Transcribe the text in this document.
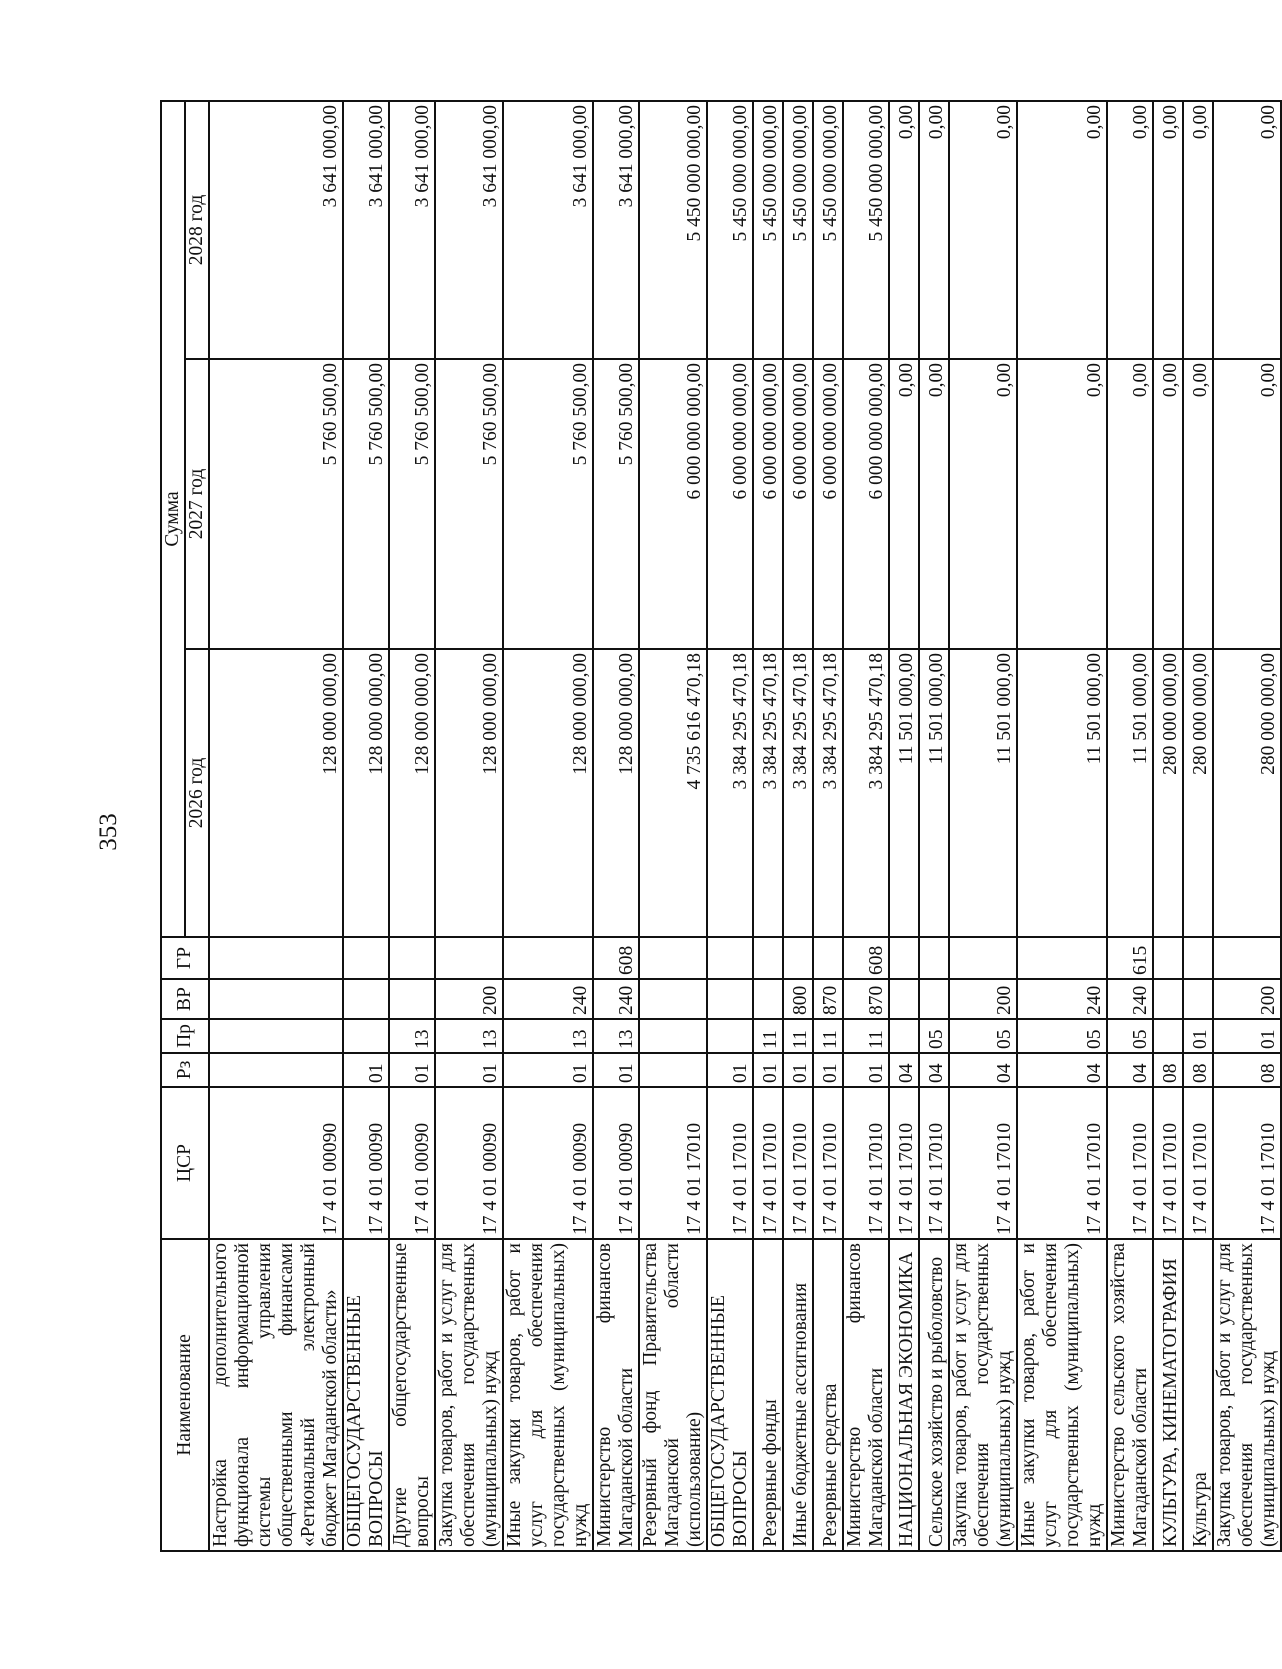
353
Наименование	ЦСР	Рз	Пр	ВР	ГР	Сумма		
						2026 год	2027 год	2028 год
Настройка дополнительного функционала информационной системы управления общественными финансами «Региональный электронный бюджет Магаданской области»	17 4 01 00090					128 000 000,00	5 760 500,00	3 641 000,00
ОБЩЕГОСУДАРСТВЕННЫЕ ВОПРОСЫ	17 4 01 00090	01				128 000 000,00	5 760 500,00	3 641 000,00
Другие общегосударственные вопросы	17 4 01 00090	01	13			128 000 000,00	5 760 500,00	3 641 000,00
Закупка товаров, работ и услуг для обеспечения государственных (муниципальных) нужд	17 4 01 00090	01	13	200		128 000 000,00	5 760 500,00	3 641 000,00
Иные закупки товаров, работ и услуг для обеспечения государственных (муниципальных) нужд	17 4 01 00090	01	13	240		128 000 000,00	5 760 500,00	3 641 000,00
Министерство финансов Магаданской области	17 4 01 00090	01	13	240	608	128 000 000,00	5 760 500,00	3 641 000,00
Резервный фонд Правительства Магаданской области (использование)	17 4 01 17010					4 735 616 470,18	6 000 000 000,00	5 450 000 000,00
ОБЩЕГОСУДАРСТВЕННЫЕ ВОПРОСЫ	17 4 01 17010	01				3 384 295 470,18	6 000 000 000,00	5 450 000 000,00
Резервные фонды	17 4 01 17010	01	11			3 384 295 470,18	6 000 000 000,00	5 450 000 000,00
Иные бюджетные ассигнования	17 4 01 17010	01	11	800		3 384 295 470,18	6 000 000 000,00	5 450 000 000,00
Резервные средства	17 4 01 17010	01	11	870		3 384 295 470,18	6 000 000 000,00	5 450 000 000,00
Министерство финансов Магаданской области	17 4 01 17010	01	11	870	608	3 384 295 470,18	6 000 000 000,00	5 450 000 000,00
НАЦИОНАЛЬНАЯ ЭКОНОМИКА	17 4 01 17010	04				11 501 000,00	0,00	0,00
Сельское хозяйство и рыболовство	17 4 01 17010	04	05			11 501 000,00	0,00	0,00
Закупка товаров, работ и услуг для обеспечения государственных (муниципальных) нужд	17 4 01 17010	04	05	200		11 501 000,00	0,00	0,00
Иные закупки товаров, работ и услуг для обеспечения государственных (муниципальных) нужд	17 4 01 17010	04	05	240		11 501 000,00	0,00	0,00
Министерство сельского хозяйства Магаданской области	17 4 01 17010	04	05	240	615	11 501 000,00	0,00	0,00
КУЛЬТУРА, КИНЕМАТОГРАФИЯ	17 4 01 17010	08				280 000 000,00	0,00	0,00
Культура	17 4 01 17010	08	01			280 000 000,00	0,00	0,00
Закупка товаров, работ и услуг для обеспечения государственных (муниципальных) нужд	17 4 01 17010	08	01	200		280 000 000,00	0,00	0,00
